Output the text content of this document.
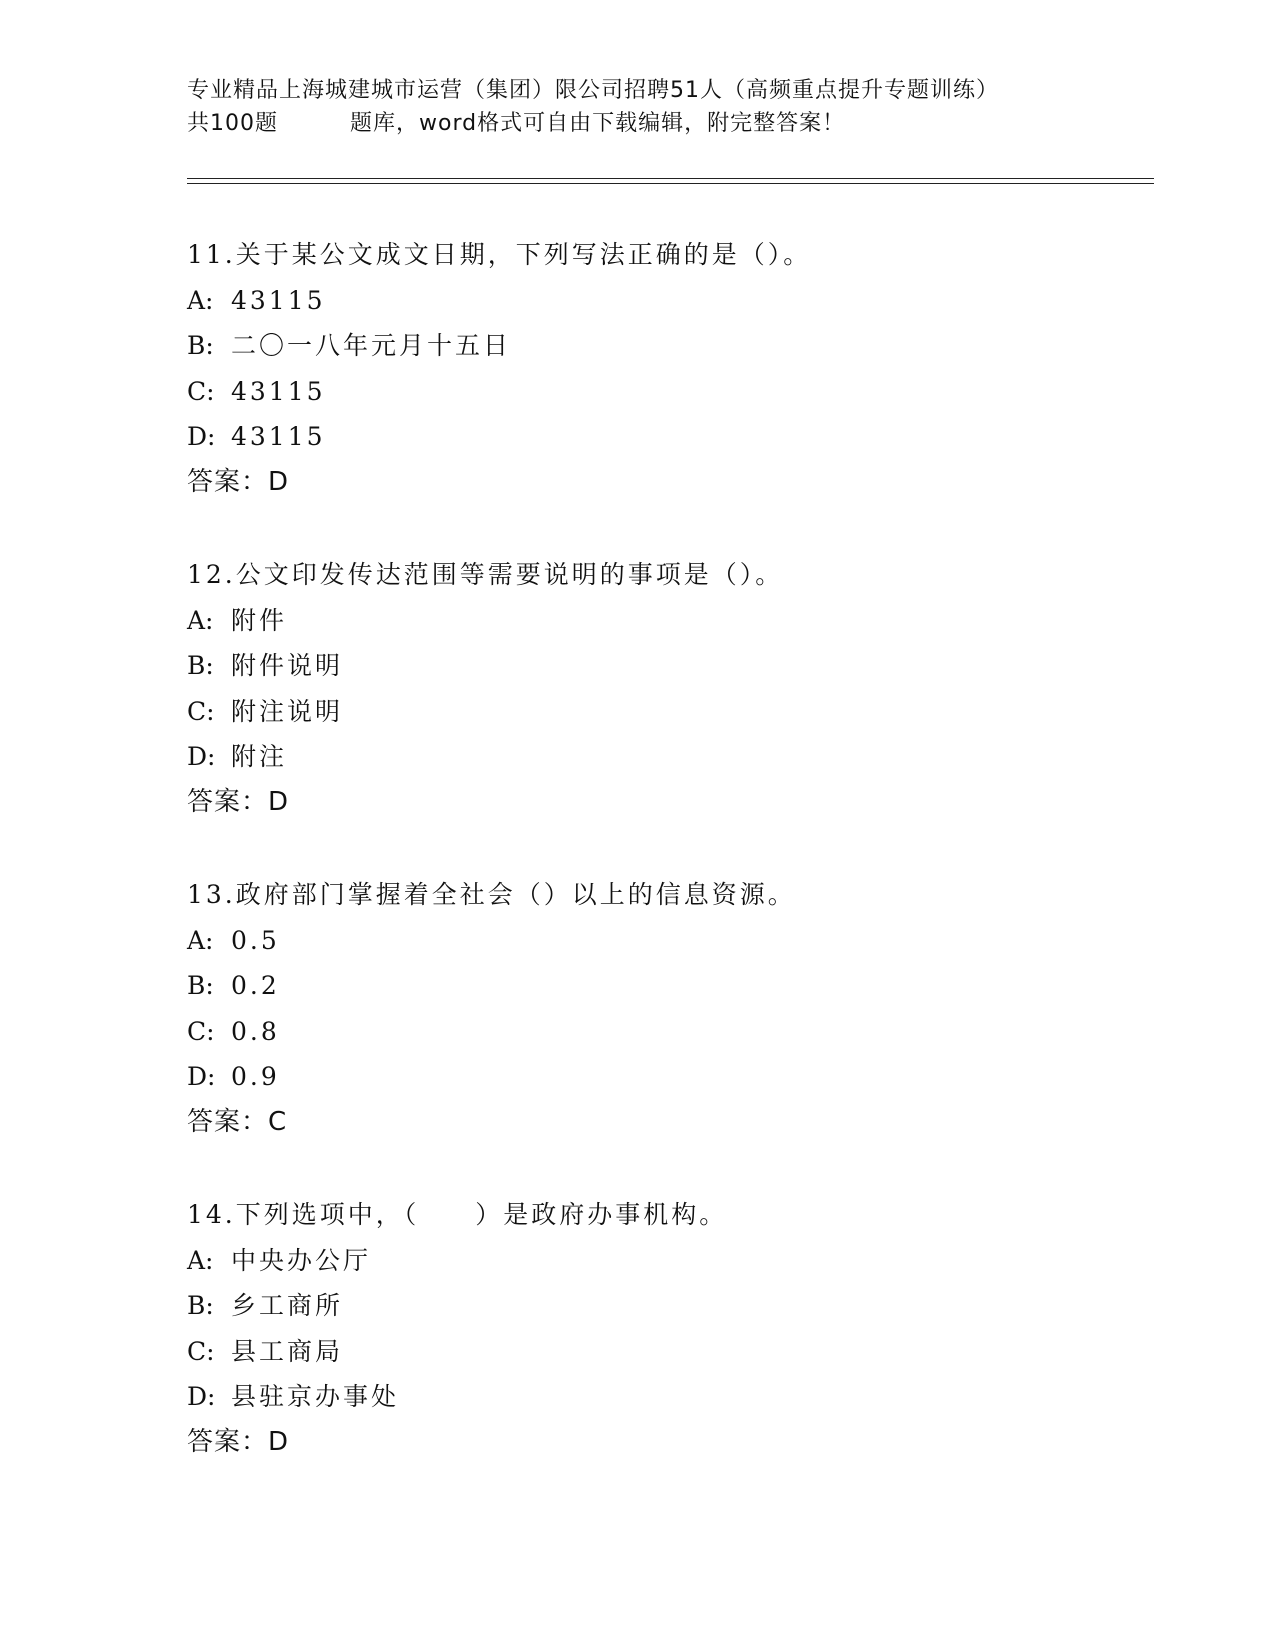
专业精品上海城建城市运营（集团）限公司招聘51人（高频重点提升专题训练）
共100题	题库，word格式可自由下载编辑，附完整答案！
11.关于某公文成文日期，下列写法正确的是（）。
A: 43115
B: 二〇一八年元月十五日
C: 43115
D: 43115
答案：D
12.公文印发传达范围等需要说明的事项是（）。
A: 附件
B: 附件说明
C: 附注说明
D: 附注
答案：D
13.政府部门掌握着全社会（）以上的信息资源。
A: 0.5
B: 0.2
C: 0.8
D: 0.9
答案：C
14.下列选项中，（　　）是政府办事机构。
A: 中央办公厅
B: 乡工商所
C: 县工商局
D: 县驻京办事处
答案：D
